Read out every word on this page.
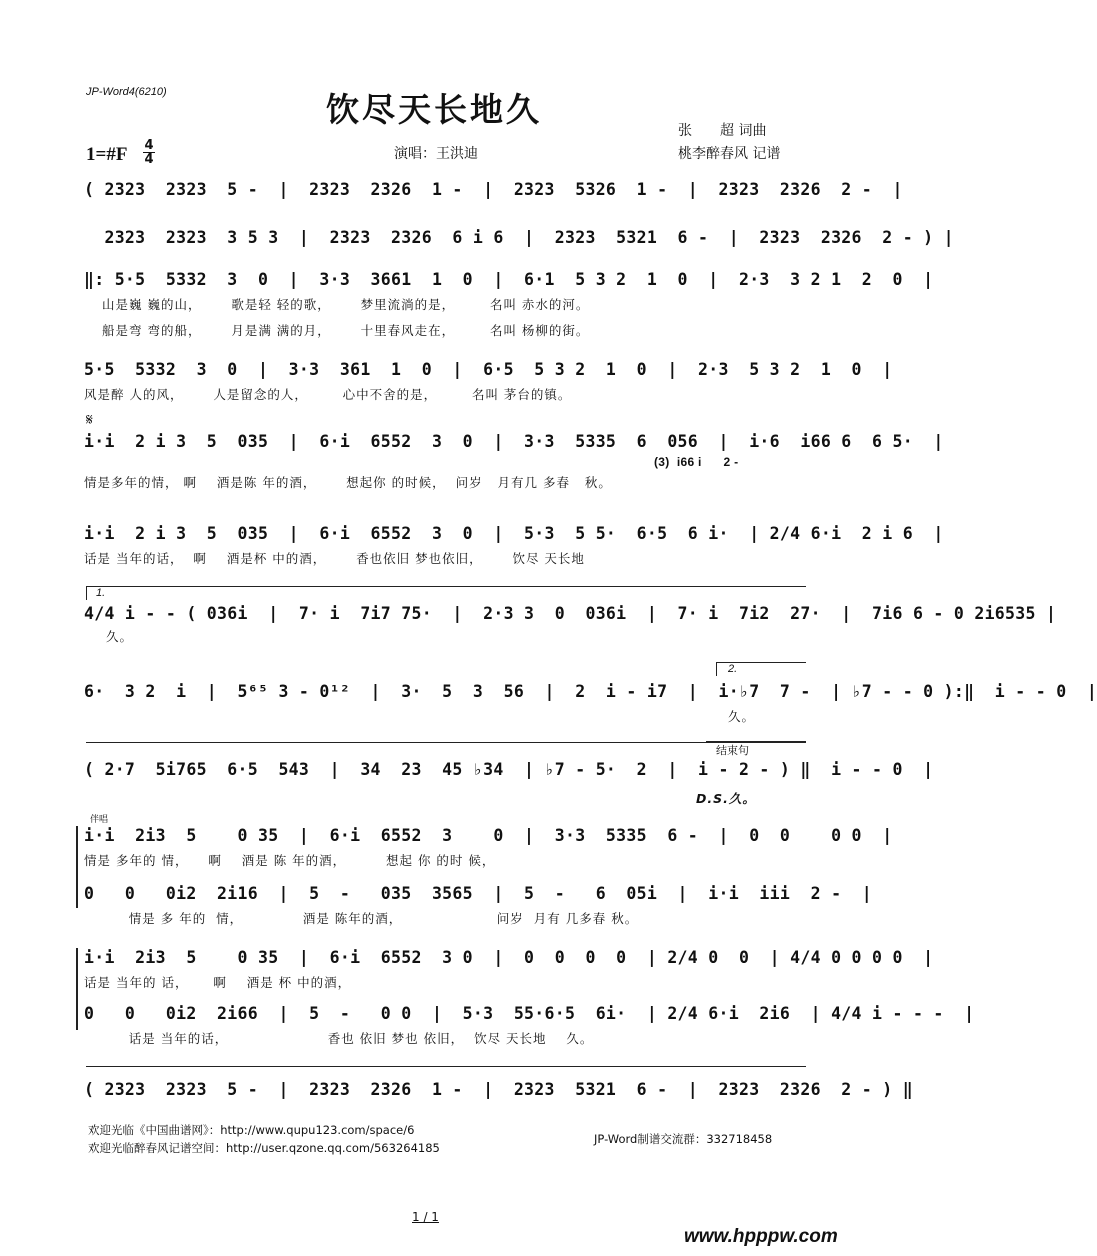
JP-Word4(6210)	饮尽天长地久
1=#F $\frac{4}{4}$	演唱：王洪迪
张　　超 词曲
桃李醉春风 记谱
( 2323  2323  5 -  |  2323  2326  1 -  |  2323  5326  1 -  |  2323  2326  2 -  |
2323  2323  3 5 3  |  2323  2326  6 i 6  |  2323  5321  6 -  |  2323  2326  2 - ) |
‖: 5·5  5332  3  0  |  3·3  3661  1  0  |  6·1  5 3 2  1  0  |  2·3  3 2 1  2  0  |
山是巍 巍的山，      歌是轻 轻的歌，      梦里流淌的是，       名叫 赤水的河。
船是弯 弯的船，      月是满 满的月，      十里春风走在，       名叫 杨柳的街。
5·5  5332  3  0  |  3·3  361  1  0  |  6·5  5 3 2  1  0  |  2·3  5 3 2  1  0  |
风是醉 人的风，      人是留念的人，       心中不舍的是，       名叫 茅台的镇。
𝄋
i·i  2 i 3  5  035  |  6·i  6552  3  0  |  3·3  5335  6  056  |  i·6  i66 6  6 5·  |
(3)  i66 i      2 -
情是多年的情， 啊    酒是陈 年的酒，      想起你 的时候，  问岁   月有几 多春   秋。
i·i  2 i 3  5  035  |  6·i  6552  3  0  |  5·3  5 5·  6·5  6 i·  | 2/4 6·i  2 i 6  |
话是 当年的话，  啊    酒是杯 中的酒，      香也依旧 梦也依旧，      饮尽 天长地
1.
4/4 i - - ( 036i  |  7· i  7i7 75·  |  2·3 3  0  036i  |  7· i  7i2  27·  |  7i6 6 - 0 2i6535 |
久。
2.
6·  3 2  i  |  5⁶⁵ 3 - 0¹²  |  3·  5  3  56  |  2  i - i7  |  i·♭7  7 -  | ♭7 - - 0 ):‖  i - - 0  |
久。
结束句
( 2·7  5i765  6·5  543  |  34  23  45 ♭34  | ♭7 - 5·  2  |  i - 2 - ) ‖  i - - 0  |
D.S.久。
伴唱
i·i  2i3  5    0 35  |  6·i  6552  3    0  |  3·3  5335  6 -  |  0  0    0 0  |
情是 多年的 情，    啊    酒是 陈 年的酒，        想起 你 的时 候，
0   0   0i2  2i16  |  5  -   035  3565  |  5  -   6  05i  |  i·i  iii  2 -  |
情是 多 年的  情，            酒是 陈年的酒，                   问岁  月有 几多春 秋。
i·i  2i3  5    0 35  |  6·i  6552  3 0  |  0  0  0  0  | 2/4 0  0  | 4/4 0 0 0 0  |
话是 当年的 话，     啊    酒是 杯 中的酒，
0   0   0i2  2i66  |  5  -   0 0  |  5·3  55·6·5  6i·  | 2/4 6·i  2i6  | 4/4 i - - -  |
话是 当年的话，                    香也 依旧 梦也 依旧，  饮尽 天长地    久。
( 2323  2323  5 -  |  2323  2326  1 -  |  2323  5321  6 -  |  2323  2326  2 - ) ‖
欢迎光临《中国曲谱网》：http://www.qupu123.com/space/6
欢迎光临醉春风记谱空间：http://user.qzone.qq.com/563264185
JP-Word制谱交流群：332718458
1 / 1
www.hpppw.com
